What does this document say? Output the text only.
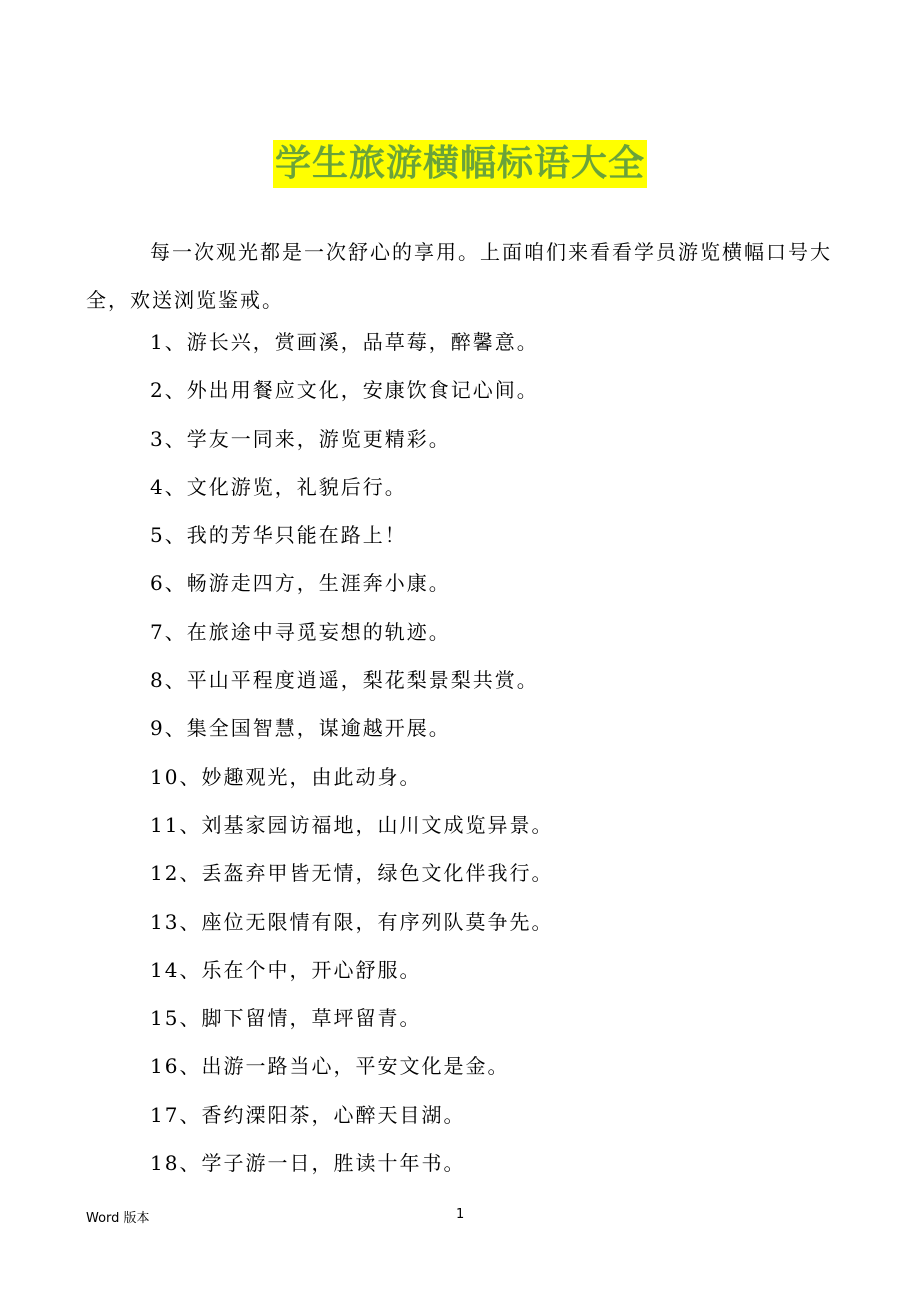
学生旅游横幅标语大全
每一次观光都是一次舒心的享用。上面咱们来看看学员游览横幅口号大全，欢送浏览鉴戒。
1、游长兴，赏画溪，品草莓，醉馨意。
2、外出用餐应文化，安康饮食记心间。
3、学友一同来，游览更精彩。
4、文化游览，礼貌后行。
5、我的芳华只能在路上！
6、畅游走四方，生涯奔小康。
7、在旅途中寻觅妄想的轨迹。
8、平山平程度逍遥，梨花梨景梨共赏。
9、集全国智慧，谋逾越开展。
10、妙趣观光，由此动身。
11、刘基家园访福地，山川文成览异景。
12、丢盔弃甲皆无情，绿色文化伴我行。
13、座位无限情有限，有序列队莫争先。
14、乐在个中，开心舒服。
15、脚下留情，草坪留青。
16、出游一路当心，平安文化是金。
17、香约溧阳茶，心醉天目湖。
18、学子游一日，胜读十年书。
Word 版本	1
